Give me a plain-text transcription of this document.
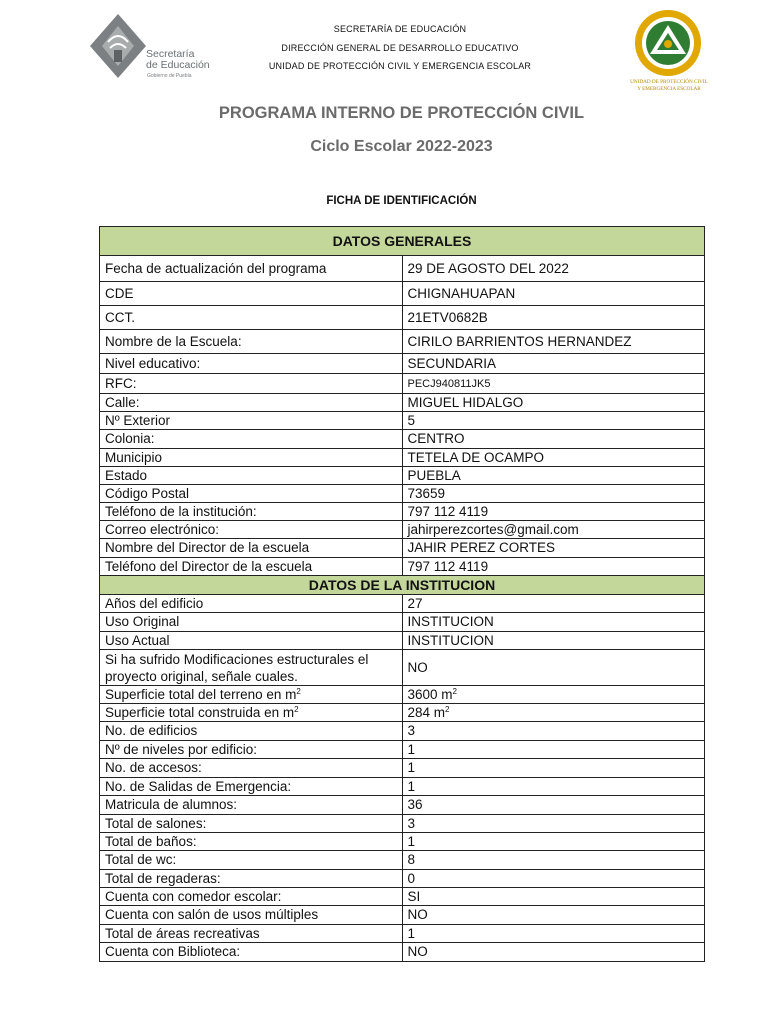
Secretaría
de Educación
Gobierno de Puebla
SECRETARÍA DE EDUCACIÓN
DIRECCIÓN GENERAL DE DESARROLLO EDUCATIVO
UNIDAD DE PROTECCIÓN CIVIL Y EMERGENCIA ESCOLAR
UNIDAD DE PROTECCIÓN CIVIL
Y EMERGENCIA ESCOLAR
PROGRAMA INTERNO DE PROTECCIÓN CIVIL
Ciclo Escolar 2022-2023
FICHA DE IDENTIFICACIÓN
DATOS GENERALES	
Fecha de actualización del programa	29 DE AGOSTO DEL 2022
CDE	CHIGNAHUAPAN
CCT.	21ETV0682B
Nombre de la Escuela:	CIRILO BARRIENTOS HERNANDEZ
Nivel educativo:	SECUNDARIA
RFC:	PECJ940811JK5
Calle:	MIGUEL HIDALGO
Nº Exterior	5
Colonia:	CENTRO
Municipio	TETELA DE OCAMPO
Estado	PUEBLA
Código Postal	73659
Teléfono de la institución:	797 112 4119
Correo electrónico:	jahirperezcortes@gmail.com
Nombre del Director de la escuela	JAHIR PEREZ CORTES
Teléfono del Director de la escuela	797 112 4119
DATOS DE LA INSTITUCION	
Años del edificio	27
Uso Original	INSTITUCION
Uso Actual	INSTITUCION
Si ha sufrido Modificaciones estructurales el proyecto original, señale cuales.	NO
Superficie total del terreno en $m^2$	3600 $m^2$
Superficie total construida en $m^2$	284 $m^2$
No. de edificios	3
Nº de niveles por edificio:	1
No. de accesos:	1
No. de Salidas de Emergencia:	1
Matricula de alumnos:	36
Total de salones:	3
Total de baños:	1
Total de wc:	8
Total de regaderas:	0
Cuenta con comedor escolar:	SI
Cuenta con salón de usos múltiples	NO
Total de áreas recreativas	1
Cuenta con Biblioteca:	NO
